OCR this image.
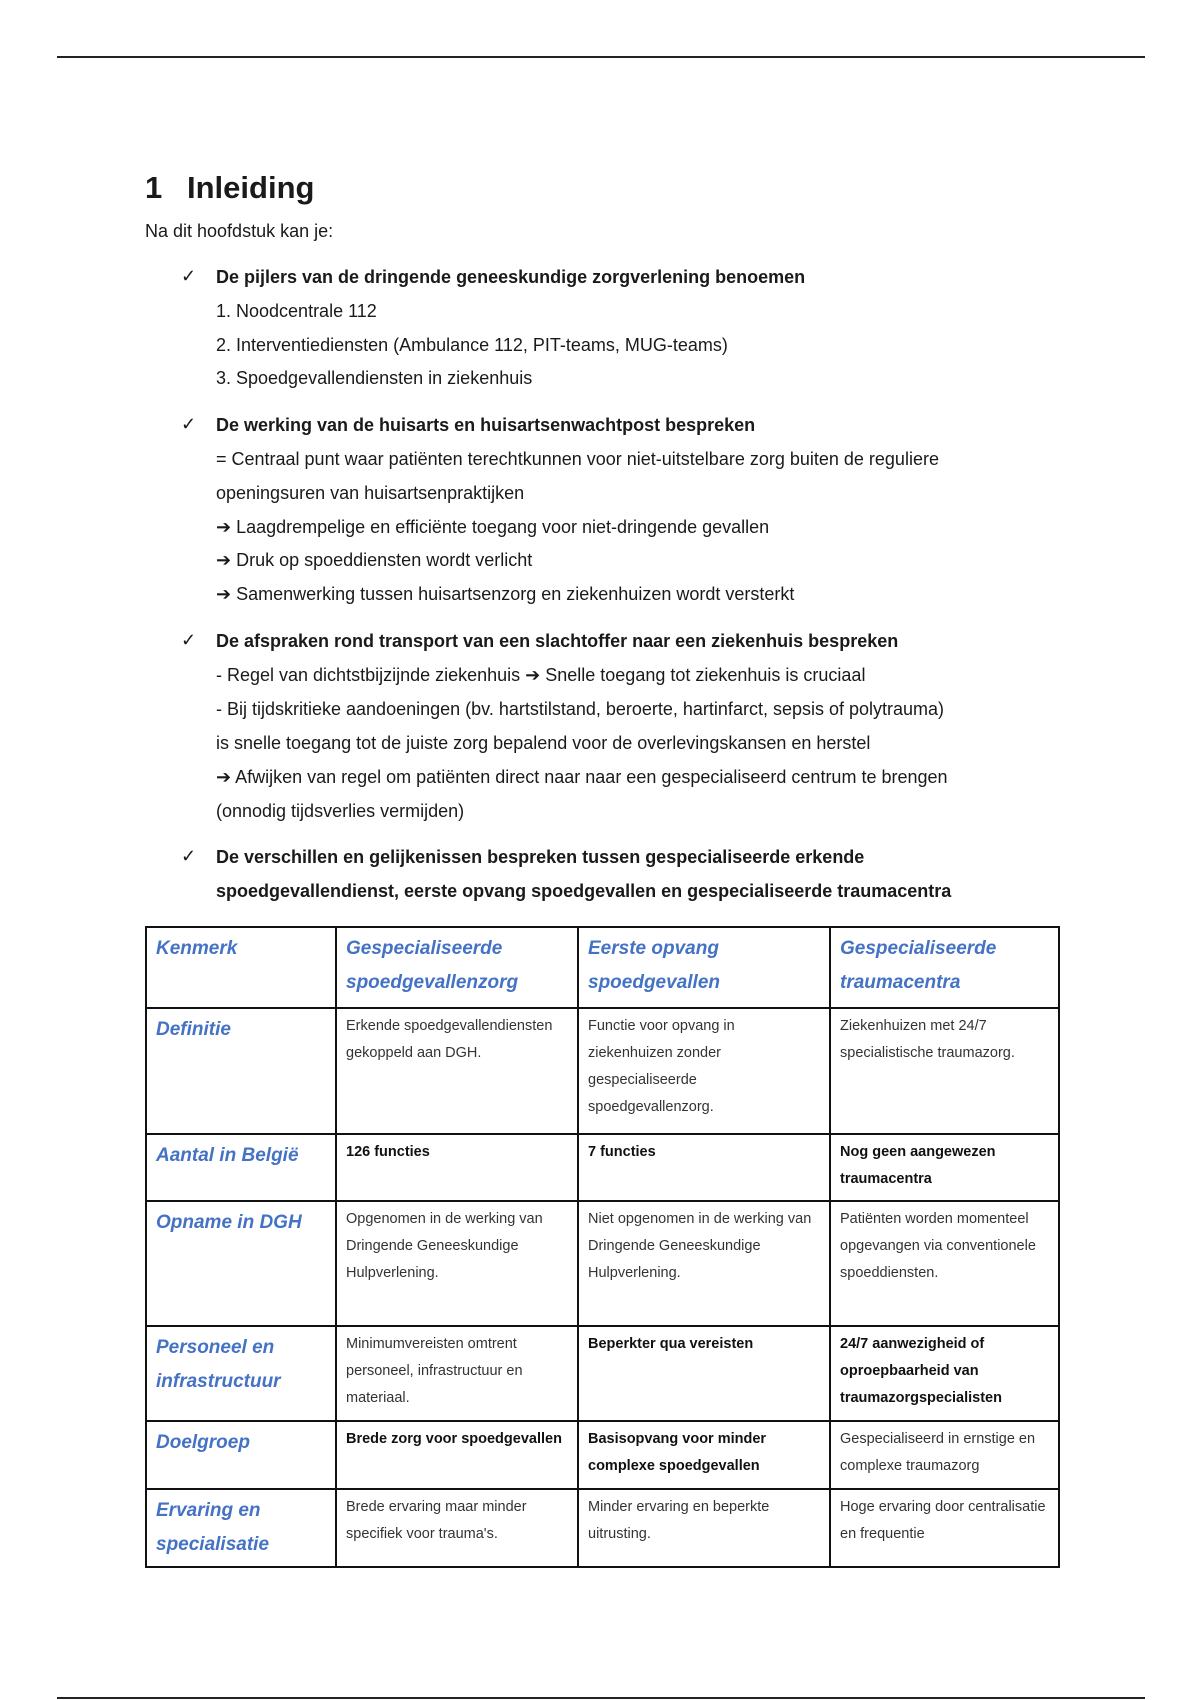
1 Inleiding
Na dit hoofdstuk kan je:
✓ De pijlers van de dringende geneeskundige zorgverlening benoemen
1. Noodcentrale 112
2. Interventiediensten (Ambulance 112, PIT-teams, MUG-teams)
3. Spoedgevallendiensten in ziekenhuis
✓ De werking van de huisarts en huisartsenwachtpost bespreken
= Centraal punt waar patiënten terechtkunnen voor niet-uitstelbare zorg buiten de reguliere
openingsuren van huisartsenpraktijken
➔ Laagdrempelige en efficiënte toegang voor niet-dringende gevallen
➔ Druk op spoeddiensten wordt verlicht
➔ Samenwerking tussen huisartsenzorg en ziekenhuizen wordt versterkt
✓ De afspraken rond transport van een slachtoffer naar een ziekenhuis bespreken
- Regel van dichtstbijzijnde ziekenhuis ➔ Snelle toegang tot ziekenhuis is cruciaal
- Bij tijdskritieke aandoeningen (bv. hartstilstand, beroerte, hartinfarct, sepsis of polytrauma)
is snelle toegang tot de juiste zorg bepalend voor de overlevingskansen en herstel
➔ Afwijken van regel om patiënten direct naar naar een gespecialiseerd centrum te brengen
(onnodig tijdsverlies vermijden)
✓ De verschillen en gelijkenissen bespreken tussen gespecialiseerde erkende
spoedgevallendienst, eerste opvang spoedgevallen en gespecialiseerde traumacentra
Kenmerk	Gespecialiseerde spoedgevallenzorg	Eerste opvang spoedgevallen	Gespecialiseerde traumacentra
Definitie	Erkende spoedgevallendiensten gekoppeld aan DGH.	Functie voor opvang in ziekenhuizen zonder gespecialiseerde spoedgevallenzorg.	Ziekenhuizen met 24/7 specialistische traumazorg.
Aantal in België	126 functies	7 functies	Nog geen aangewezen traumacentra
Opname in DGH	Opgenomen in de werking van Dringende Geneeskundige Hulpverlening.	Niet opgenomen in de werking van Dringende Geneeskundige Hulpverlening.	Patiënten worden momenteel opgevangen via conventionele spoeddiensten.
Personeel en infrastructuur	Minimumvereisten omtrent personeel, infrastructuur en materiaal.	Beperkter qua vereisten	24/7 aanwezigheid of oproepbaarheid van traumazorgspecialisten
Doelgroep	Brede zorg voor spoedgevallen	Basisopvang voor minder complexe spoedgevallen	Gespecialiseerd in ernstige en complexe traumazorg
Ervaring en specialisatie	Brede ervaring maar minder specifiek voor trauma's.	Minder ervaring en beperkte uitrusting.	Hoge ervaring door centralisatie en frequentie
